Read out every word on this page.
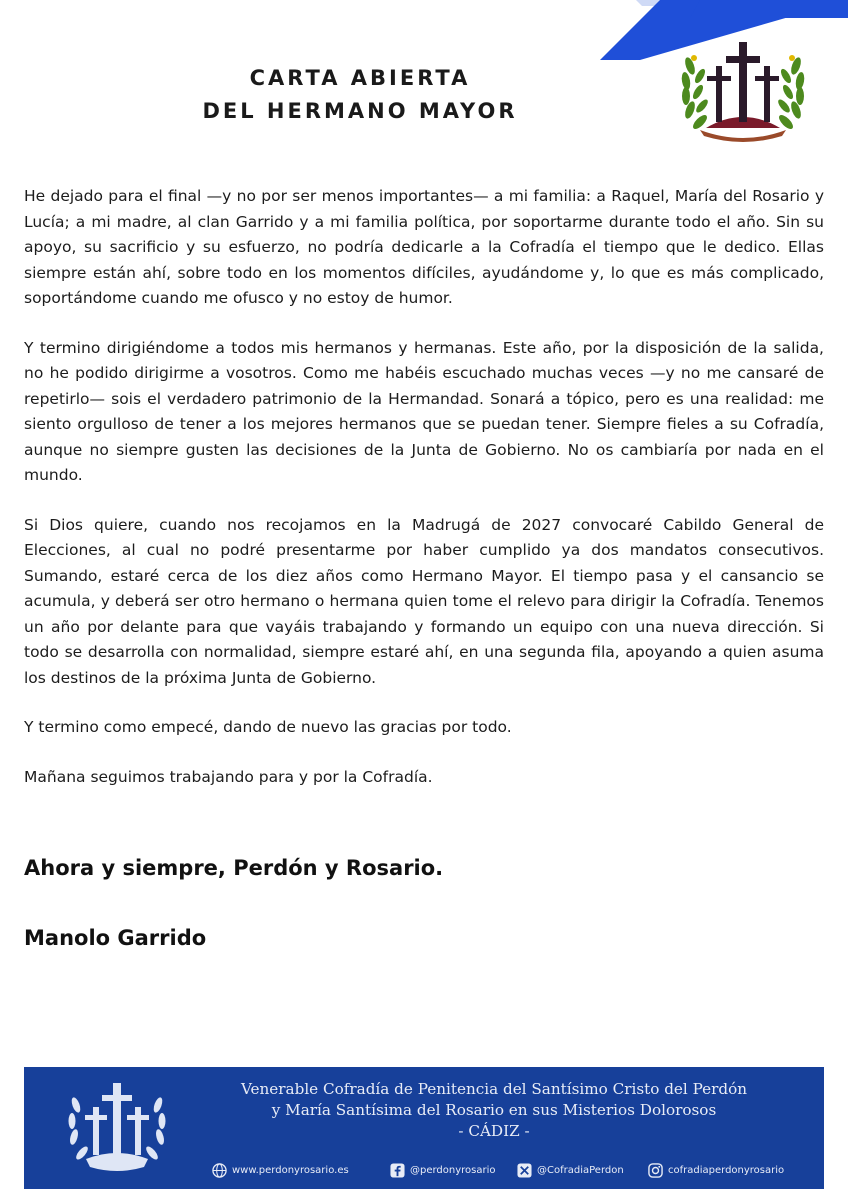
CARTA ABIERTA
DEL HERMANO MAYOR

He dejado para el final —y no por ser menos importantes— a mi familia: a Raquel, María del Rosario y Lucía; a mi madre, al clan Garrido y a mi familia política, por soportarme durante todo el año. Sin su apoyo, su sacrificio y su esfuerzo, no podría dedicarle a la Cofradía el tiempo que le dedico. Ellas siempre están ahí, sobre todo en los momentos difíciles, ayudándome y, lo que es más complicado, soportándome cuando me ofusco y no estoy de humor.

Y termino dirigiéndome a todos mis hermanos y hermanas. Este año, por la disposición de la salida, no he podido dirigirme a vosotros. Como me habéis escuchado muchas veces —y no me cansaré de repetirlo— sois el verdadero patrimonio de la Hermandad. Sonará a tópico, pero es una realidad: me siento orgulloso de tener a los mejores hermanos que se puedan tener. Siempre fieles a su Cofradía, aunque no siempre gusten las decisiones de la Junta de Gobierno. No os cambiaría por nada en el mundo.

Si Dios quiere, cuando nos recojamos en la Madrugá de 2027 convocaré Cabildo General de Elecciones, al cual no podré presentarme por haber cumplido ya dos mandatos consecutivos. Sumando, estaré cerca de los diez años como Hermano Mayor. El tiempo pasa y el cansancio se acumula, y deberá ser otro hermano o hermana quien tome el relevo para dirigir la Cofradía. Tenemos un año por delante para que vayáis trabajando y formando un equipo con una nueva dirección. Si todo se desarrolla con normalidad, siempre estaré ahí, en una segunda fila, apoyando a quien asuma los destinos de la próxima Junta de Gobierno.

Y termino como empecé, dando de nuevo las gracias por todo.

Mañana seguimos trabajando para y por la Cofradía.

Ahora y siempre, Perdón y Rosario.
Manolo Garrido
Venerable Cofradía de Penitencia del Santísimo Cristo del Perdón
y María Santísima del Rosario en sus Misterios Dolorosos
- CÁDIZ -
www.perdonyrosario.es	@perdonyrosario	@CofradiaPerdon	cofradiaperdonyrosario
